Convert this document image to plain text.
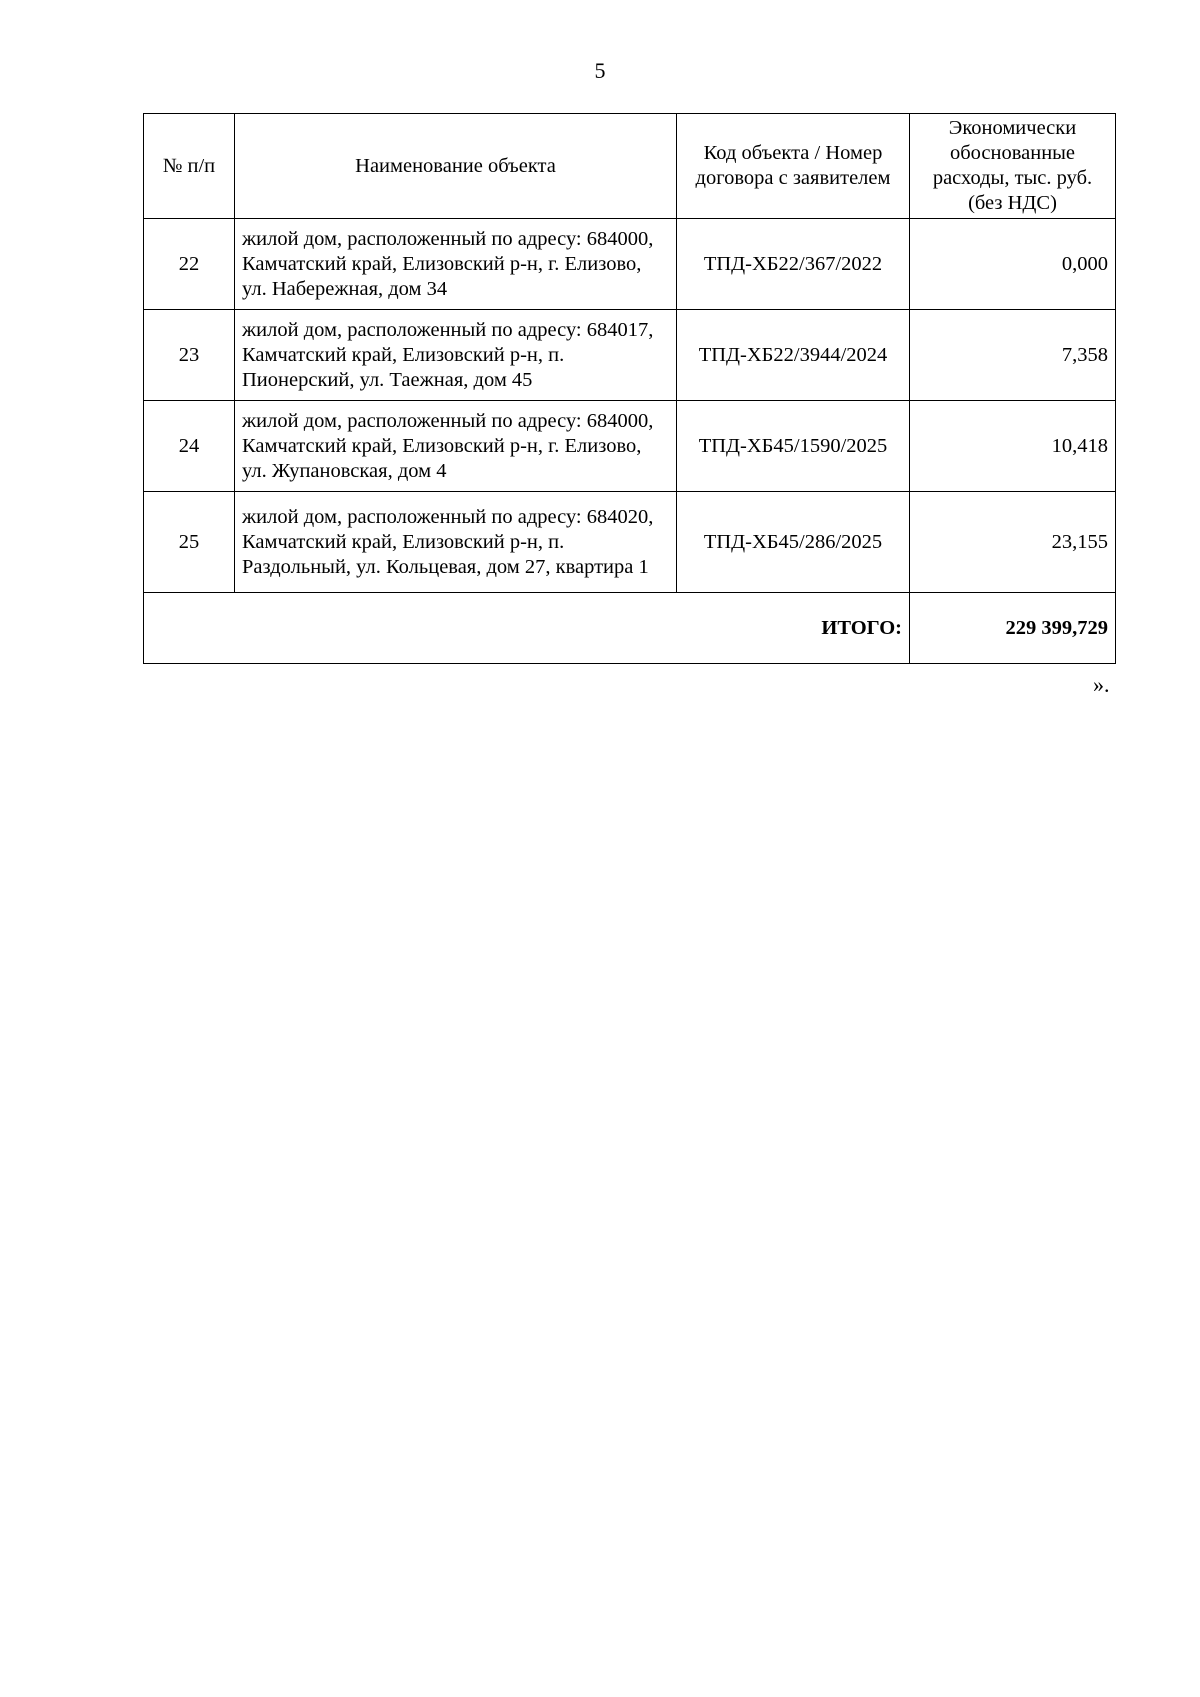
5
№ п/п	Наименование объекта	Код объекта / Номер договора с заявителем	Экономически обоснованные расходы, тыс. руб. (без НДС)
22	жилой дом, расположенный по адресу: 684000, Камчатский край, Елизовский р-н, г. Елизово, ул. Набережная, дом 34	ТПД-ХБ22/367/2022	0,000
23	жилой дом, расположенный по адресу: 684017, Камчатский край, Елизовский р-н, п. Пионерский, ул. Таежная, дом 45	ТПД-ХБ22/3944/2024	7,358
24	жилой дом, расположенный по адресу: 684000, Камчатский край, Елизовский р-н, г. Елизово, ул. Жупановская, дом 4	ТПД-ХБ45/1590/2025	10,418
25	жилой дом, расположенный по адресу: 684020, Камчатский край, Елизовский р-н, п. Раздольный, ул. Кольцевая, дом 27, квартира 1	ТПД-ХБ45/286/2025	23,155
ИТОГО:			229 399,729
».
